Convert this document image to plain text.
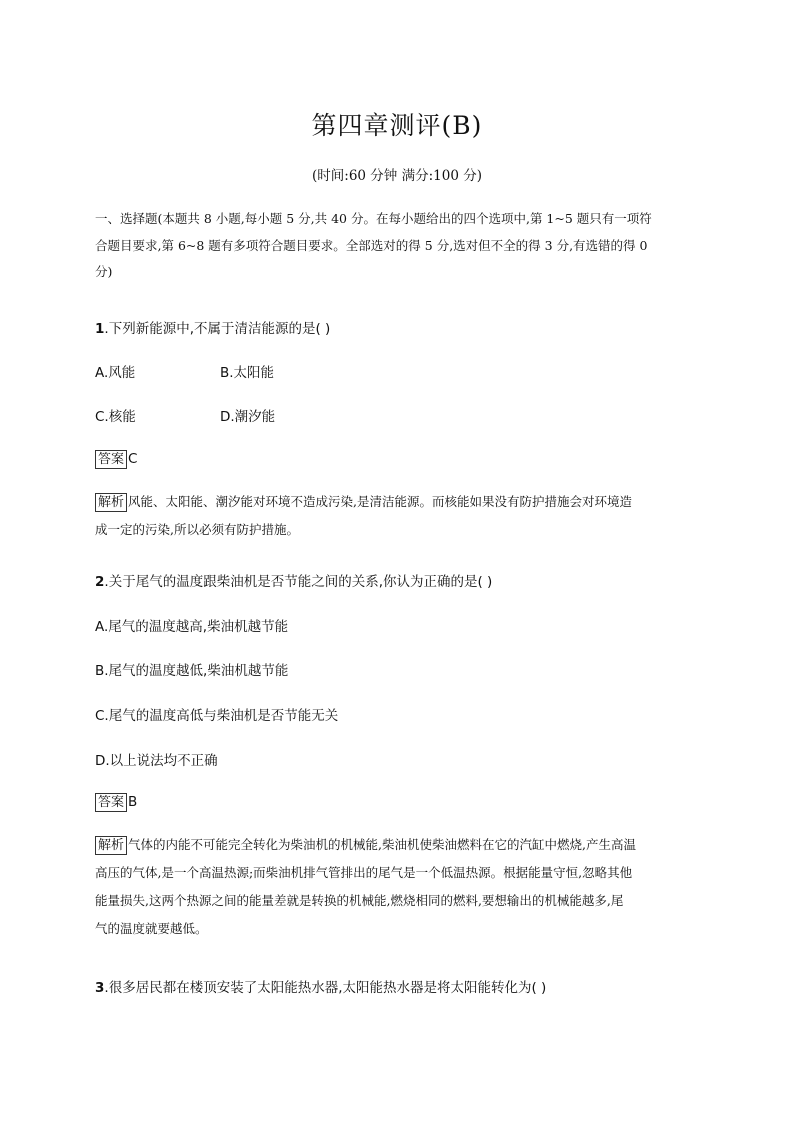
第四章测评(B)
(时间:60 分钟 满分:100 分)
一、选择题(本题共 8 小题,每小题 5 分,共 40 分。在每小题给出的四个选项中,第 1~5 题只有一项符
合题目要求,第 6~8 题有多项符合题目要求。全部选对的得 5 分,选对但不全的得 3 分,有选错的得 0
分)
1.下列新能源中,不属于清洁能源的是( )
A.风能	B.太阳能
C.核能	D.潮汐能
答案 C
解析 风能、太阳能、潮汐能对环境不造成污染,是清洁能源。而核能如果没有防护措施会对环境造
成一定的污染,所以必须有防护措施。
2.关于尾气的温度跟柴油机是否节能之间的关系,你认为正确的是( )
A.尾气的温度越高,柴油机越节能
B.尾气的温度越低,柴油机越节能
C.尾气的温度高低与柴油机是否节能无关
D.以上说法均不正确
答案 B
解析 气体的内能不可能完全转化为柴油机的机械能,柴油机使柴油燃料在它的汽缸中燃烧,产生高温
高压的气体,是一个高温热源;而柴油机排气管排出的尾气是一个低温热源。根据能量守恒,忽略其他
能量损失,这两个热源之间的能量差就是转换的机械能,燃烧相同的燃料,要想输出的机械能越多,尾
气的温度就要越低。
3.很多居民都在楼顶安装了太阳能热水器,太阳能热水器是将太阳能转化为( )
